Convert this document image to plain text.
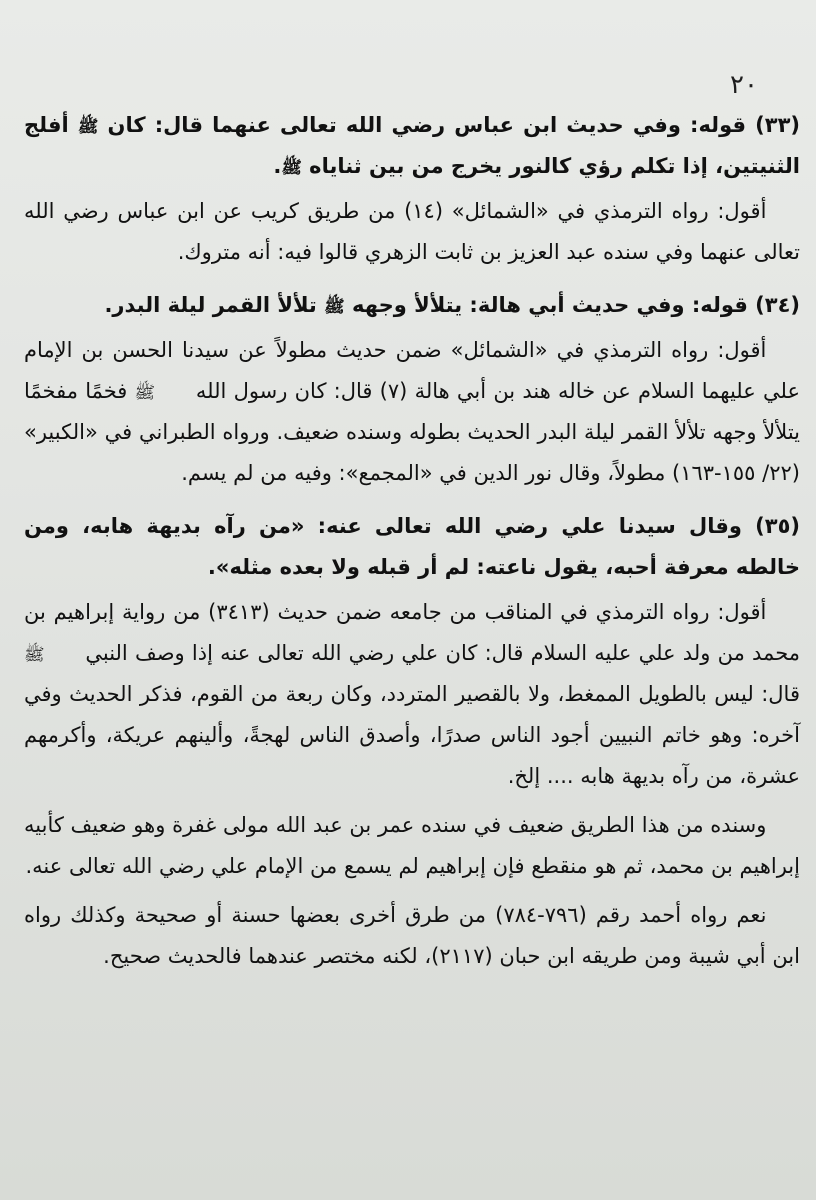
٢٠
(٣٣) قوله: وفي حديث ابن عباس رضي الله تعالى عنهما قال: كان ﷺ أفلج الثنيتين، إذا تكلم رؤي كالنور يخرج من بين ثناياه ﷺ.
أقول: رواه الترمذي في «الشمائل» (١٤) من طريق كريب عن ابن عباس رضي الله تعالى عنهما وفي سنده عبد العزيز بن ثابت الزهري قالوا فيه: أنه متروك.
(٣٤) قوله: وفي حديث أبي هالة: يتلألأ وجهه ﷺ تلألأ القمر ليلة البدر.
أقول: رواه الترمذي في «الشمائل» ضمن حديث مطولاً عن سيدنا الحسن بن الإمام علي عليهما السلام عن خاله هند بن أبي هالة (٧) قال: كان رسول الله ﷺ فخمًا مفخمًا يتلألأ وجهه تلألأ القمر ليلة البدر الحديث بطوله وسنده ضعيف. ورواه الطبراني في «الكبير» (٢٢/ ١٥٥-١٦٣) مطولاً، وقال نور الدين في «المجمع»: وفيه من لم يسم.
(٣٥) وقال سيدنا علي رضي الله تعالى عنه: «من رآه بديهة هابه، ومن خالطه معرفة أحبه، يقول ناعته: لم أر قبله ولا بعده مثله».
أقول: رواه الترمذي في المناقب من جامعه ضمن حديث (٣٤١٣) من رواية إبراهيم بن محمد من ولد علي عليه السلام قال: كان علي رضي الله تعالى عنه إذا وصف النبي ﷺ قال: ليس بالطويل الممغط، ولا بالقصير المتردد، وكان ربعة من القوم، فذكر الحديث وفي آخره: وهو خاتم النبيين أجود الناس صدرًا، وأصدق الناس لهجةً، وألينهم عريكة، وأكرمهم عشرة، من رآه بديهة هابه .... إلخ.
وسنده من هذا الطريق ضعيف في سنده عمر بن عبد الله مولى غفرة وهو ضعيف كأبيه إبراهيم بن محمد، ثم هو منقطع فإن إبراهيم لم يسمع من الإمام علي رضي الله تعالى عنه.
نعم رواه أحمد رقم (٧٩٦-٧٨٤) من طرق أخرى بعضها حسنة أو صحيحة وكذلك رواه ابن أبي شيبة ومن طريقه ابن حبان (٢١١٧)، لكنه مختصر عندهما فالحديث صحيح.
